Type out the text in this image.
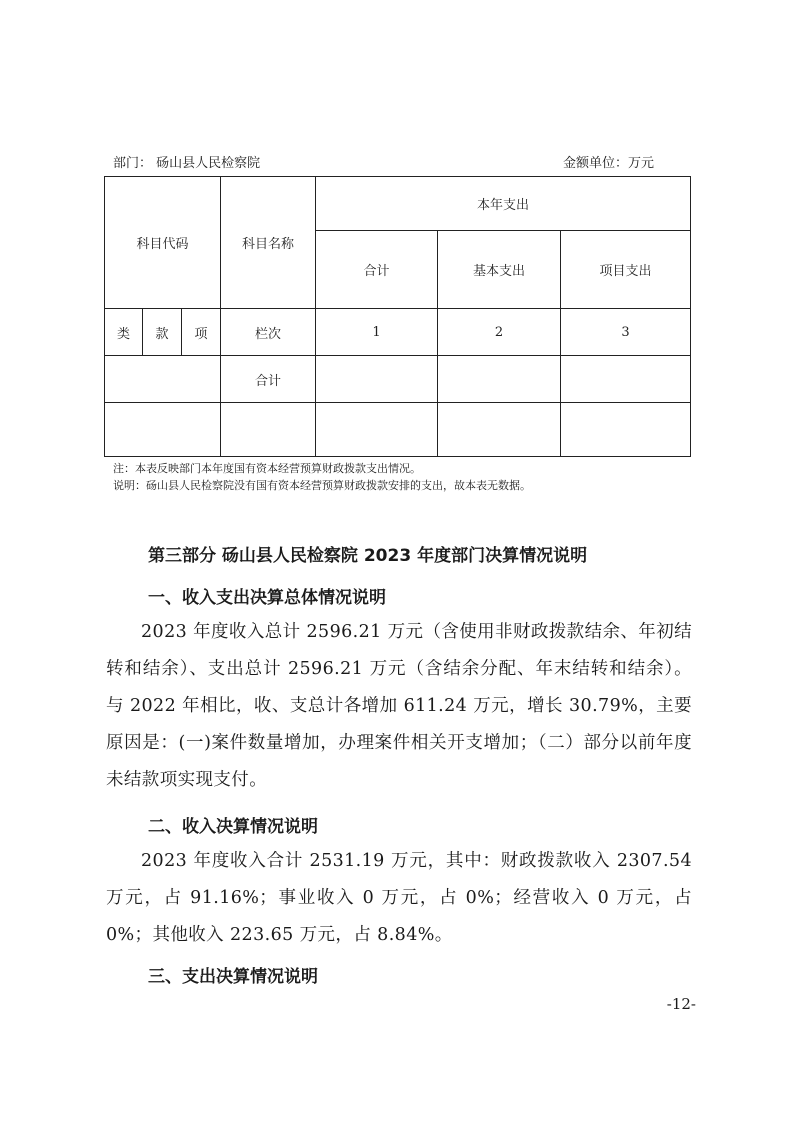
部门： 砀山县人民检察院	金额单位：万元
科目代码			科目名称	本年支出		
				合计	基本支出	项目支出
类	款	项	栏次	1	2	3
			合计			

注：本表反映部门本年度国有资本经营预算财政拨款支出情况。
说明：砀山县人民检察院没有国有资本经营预算财政拨款安排的支出，故本表无数据。
第三部分 砀山县人民检察院 2023 年度部门决算情况说明
一、收入支出决算总体情况说明

2023 年度收入总计 2596.21 万元（含使用非财政拨款结余、年初结转和结余）、支出总计 2596.21 万元（含结余分配、年末结转和结余）。与 2022 年相比，收、支总计各增加 611.24 万元，增长 30.79%，主要原因是：(一)案件数量增加，办理案件相关开支增加；（二）部分以前年度未结款项实现支付。

二、收入决算情况说明

2023 年度收入合计 2531.19 万元，其中：财政拨款收入 2307.54 万元，占 91.16%；事业收入 0 万元，占 0%；经营收入 0 万元，占 0%；其他收入 223.65 万元，占 8.84%。

三、支出决算情况说明
-12-
